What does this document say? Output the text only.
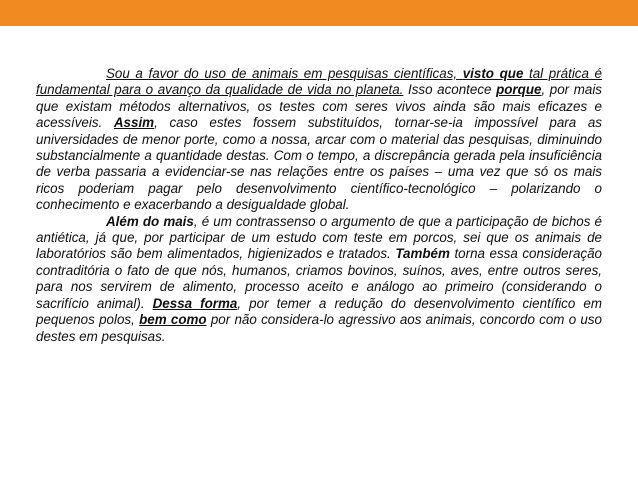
Sou a favor do uso de animais em pesquisas científicas, visto que tal prática é fundamental para o avanço da qualidade de vida no planeta. Isso acontece porque, por mais que existam métodos alternativos, os testes com seres vivos ainda são mais eficazes e acessíveis. Assim, caso estes fossem substituídos, tornar-se-ia impossível para as universidades de menor porte, como a nossa, arcar com o material das pesquisas, diminuindo substancialmente a quantidade destas. Com o tempo, a discrepância gerada pela insuficiência de verba passaria a evidenciar-se nas relações entre os países – uma vez que só os mais ricos poderiam pagar pelo desenvolvimento científico-tecnológico – polarizando o conhecimento e exacerbando a desigualdade global.

Além do mais, é um contrassenso o argumento de que a participação de bichos é antiética, já que, por participar de um estudo com teste em porcos, sei que os animais de laboratórios são bem alimentados, higienizados e tratados. Também torna essa consideração contraditória o fato de que nós, humanos, criamos bovinos, suínos, aves, entre outros seres, para nos servirem de alimento, processo aceito e análogo ao primeiro (considerando o sacrifício animal). Dessa forma, por temer a redução do desenvolvimento científico em pequenos polos, bem como por não considera-lo agressivo aos animais, concordo com o uso destes em pesquisas.
